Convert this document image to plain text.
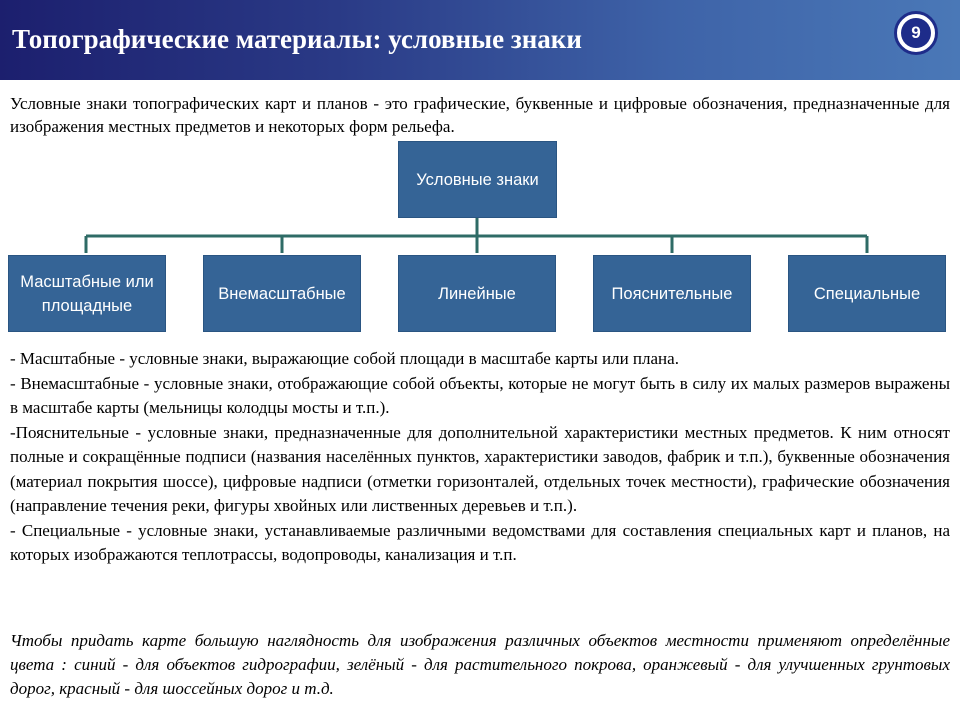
Топографические материалы: условные знаки	9
Условные знаки топографических карт и планов - это графические, буквенные и цифровые обозначения, предназначенные для изображения местных предметов и некоторых форм рельефа.
Условные знаки
Масштабные или площадные
Внемасштабные	Линейные	Пояснительные	Специальные

- Масштабные - условные знаки, выражающие собой площади в масштабе карты или плана.

- Внемасштабные - условные знаки, отображающие собой объекты, которые не могут быть в силу их малых размеров выражены в масштабе карты (мельницы колодцы мосты и т.п.).

-Пояснительные - условные знаки, предназначенные для дополнительной характеристики местных предметов. К ним относят полные и сокращённые подписи (названия населённых пунктов, характеристики заводов, фабрик и т.п.), буквенные обозначения (материал покрытия шоссе), цифровые надписи (отметки горизонталей, отдельных точек местности), графические обозначения (направление течения реки, фигуры хвойных или лиственных деревьев и т.п.).

- Специальные - условные знаки, устанавливаемые различными ведомствами для составления специальных карт и планов, на которых изображаются теплотрассы, водопроводы, канализация и т.п.

Чтобы придать карте большую наглядность для изображения различных объектов местности применяют определённые цвета : синий - для объектов гидрографии, зелёный - для растительного покрова, оранжевый - для улучшенных грунтовых дорог, красный - для шоссейных дорог и т.д.
